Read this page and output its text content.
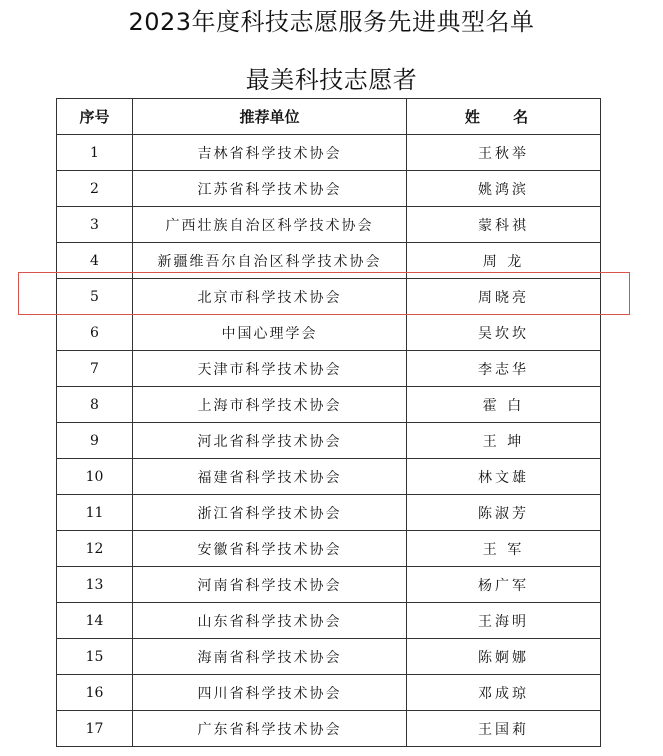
2023年度科技志愿服务先进典型名单
最美科技志愿者
序号	推荐单位	姓 名
1	吉林省科学技术协会	王秋举
2	江苏省科学技术协会	姚鸿滨
3	广西壮族自治区科学技术协会	蒙科祺
4	新疆维吾尔自治区科学技术协会	周 龙
5	北京市科学技术协会	周晓亮
6	中国心理学会	吴坎坎
7	天津市科学技术协会	李志华
8	上海市科学技术协会	霍 白
9	河北省科学技术协会	王 坤
10	福建省科学技术协会	林文雄
11	浙江省科学技术协会	陈淑芳
12	安徽省科学技术协会	王 军
13	河南省科学技术协会	杨广军
14	山东省科学技术协会	王海明
15	海南省科学技术协会	陈婀娜
16	四川省科学技术协会	邓成琼
17	广东省科学技术协会	王国莉
